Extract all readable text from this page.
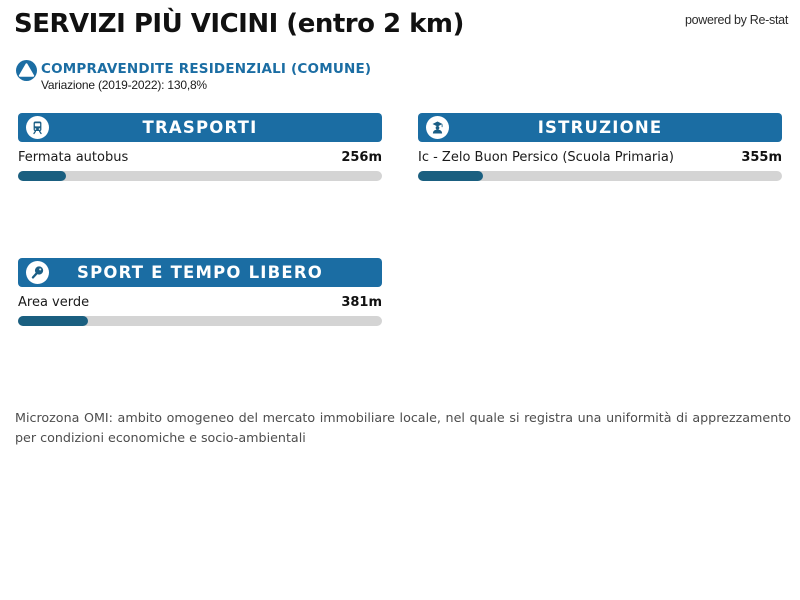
SERVIZI PIÙ VICINI (entro 2 km)	powered by Re-stat
COMPRAVENDITE RESIDENZIALI (COMUNE)
Variazione (2019-2022): 130,8%
TRASPORTI
Fermata autobus	256m
ISTRUZIONE
Ic - Zelo Buon Persico (Scuola Primaria)	355m
SPORT E TEMPO LIBERO
Area verde	381m
Microzona OMI: ambito omogeneo del mercato immobiliare locale, nel quale si registra una uniformità di apprezzamento per condizioni economiche e socio-ambientali
